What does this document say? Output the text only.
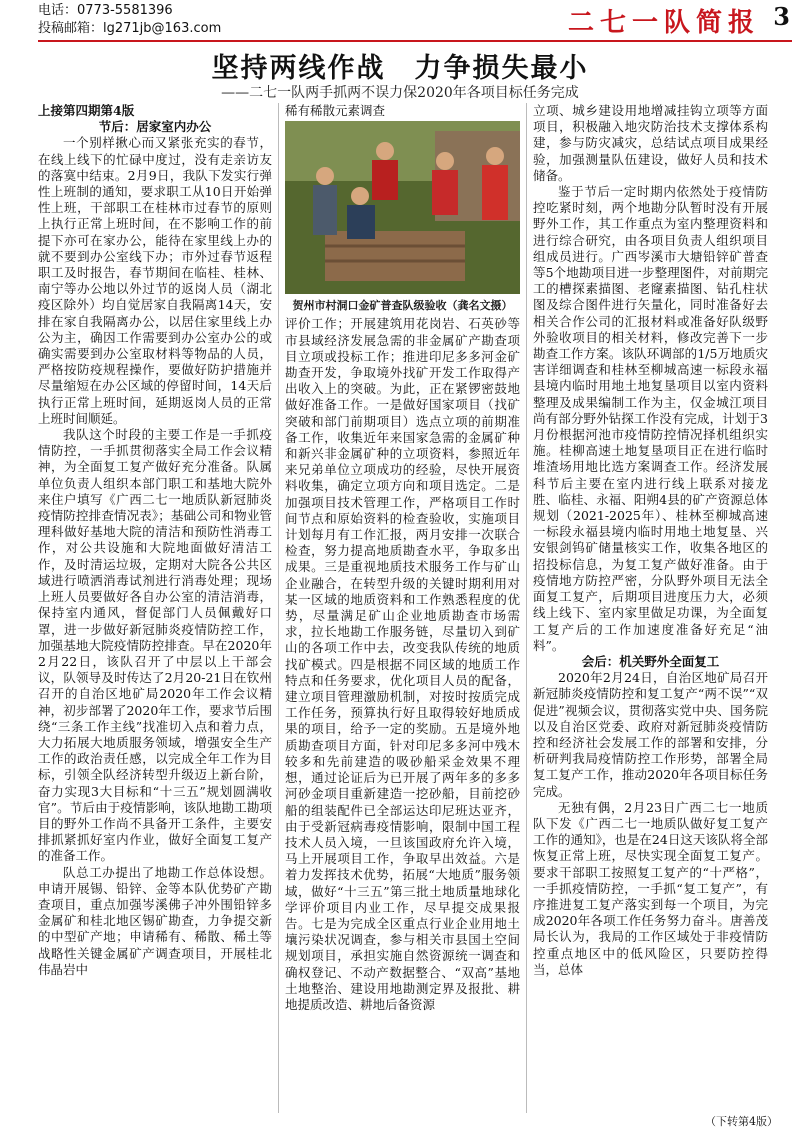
电话：0773-5581396
投稿邮箱：lg271jb@163.com	二七一队简报 3
坚持两线作战　力争损失最小
——二七一队两手抓两不误力保2020年各项目标任务完成
上接第四期第4版
节后：居家室内办公

一个别样揪心而又紧张充实的春节，在线上线下的忙碌中度过，没有走亲访友的落寞中结束。2月9日，我队下发实行弹性上班制的通知，要求职工从10日开始弹性上班，干部职工在桂林市过春节的原则上执行正常上班时间，在不影响工作的前提下亦可在家办公，能待在家里线上办的就不要到办公室线下办；市外过春节返程职工及时报告，春节期间在临桂、桂林、南宁等办公地以外过节的返岗人员（湖北疫区除外）均自觉居家自我隔离14天，安排在家自我隔离办公，以居住家里线上办公为主，确因工作需要到办公室办公的或确实需要到办公室取材料等物品的人员，严格按防疫规程操作，要做好防护措施并尽量缩短在办公区域的停留时间，14天后执行正常上班时间，延期返岗人员的正常上班时间顺延。

我队这个时段的主要工作是一手抓疫情防控，一手抓贯彻落实全局工作会议精神，为全面复工复产做好充分准备。队属单位负责人组织本部门职工和基地大院外来住户填写《广西二七一地质队新冠肺炎疫情防控排查情况表》；基础公司和物业管理科做好基地大院的清洁和预防性消毒工作，对公共设施和大院地面做好清洁工作，及时清运垃圾，定期对大院各公共区域进行喷洒消毒试剂进行消毒处理；现场上班人员要做好各自办公室的清洁消毒，保持室内通风，督促部门人员佩戴好口罩，进一步做好新冠肺炎疫情防控工作，加强基地大院疫情防控排查。早在2020年2月22日，该队召开了中层以上干部会议，队领导及时传达了2月20-21日在钦州召开的自治区地矿局2020年工作会议精神，初步部署了2020年工作，要求节后围绕“三条工作主线”找准切入点和着力点，大力拓展大地质服务领域，增强安全生产工作的政治责任感，以完成全年工作为目标，引领全队经济转型升级迈上新台阶，奋力实现3大目标和“十三五”规划圆满收官”。节后由于疫情影响，该队地勘工勘项目的野外工作尚不具备开工条件，主要安排抓紧抓好室内作业，做好全面复工复产的准备工作。

队总工办提出了地勘工作总体设想。申请开展锡、铅锌、金等本队优势矿产勘查项目，重点加强岑溪佛子冲外围铅锌多金属矿和桂北地区锡矿勘查，力争提交新的中型矿产地；申请稀有、稀散、稀土等战略性关键金属矿产调查项目，开展桂北伟晶岩中

稀有稀散元素调查
贺州市村洞口金矿普查队级验收（龚名文摄）

评价工作；开展建筑用花岗岩、石英砂等市县域经济发展急需的非金属矿产勘查项目立项或投标工作；推进印尼多多河金矿勘查开发，争取境外找矿开发工作取得产出收入上的突破。为此，正在紧锣密鼓地做好准备工作。一是做好国家项目（找矿突破和部门前期项目）选点立项的前期准备工作，收集近年来国家急需的金属矿种和新兴非金属矿种的立项资料，参照近年来兄弟单位立项成功的经验，尽快开展资料收集，确定立项方向和项目选定。二是加强项目技术管理工作，严格项目工作时间节点和原始资料的检查验收，实施项目计划每月有工作汇报，两月安排一次联合检查，努力提高地质勘查水平，争取多出成果。三是重视地质技术服务工作与矿山企业融合，在转型升级的关键时期利用对某一区域的地质资料和工作熟悉程度的优势，尽量满足矿山企业地质勘查市场需求，拉长地勘工作服务链，尽量切入到矿山的各项工作中去，改变我队传统的地质找矿模式。四是根据不同区域的地质工作特点和任务要求，优化项目人员的配备，建立项目管理激励机制，对按时按质完成工作任务，预算执行好且取得较好地质成果的项目，给予一定的奖励。五是境外地质勘查项目方面，针对印尼多多河中残木较多和先前建造的吸砂船采金效果不理想，通过论证后为已开展了两年多的多多河砂金项目重新建造一挖砂船，目前挖砂船的组装配件已全部运达印尼班达亚齐，由于受新冠病毒疫情影响，限制中国工程技术人员入境，一旦该国政府允许入境，马上开展项目工作，争取早出效益。六是着力发挥技术优势，拓展“大地质”服务领域，做好“十三五”第三批土地质量地球化学评价项目内业工作，尽早提交成果报告。七是为完成全区重点行业企业用地土壤污染状况调查，参与相关市县国土空间规划项目，承担实施自然资源统一调查和确权登记、不动产数据整合、“双高”基地土地整治、建设用地勘测定界及报批、耕地提质改造、耕地后备资源

立项、城乡建设用地增减挂钩立项等方面项目，积极融入地灾防治技术支撑体系构建，参与防灾减灾，总结试点项目成果经验，加强测量队伍建设，做好人员和技术储备。

鉴于节后一定时期内依然处于疫情防控吃紧时刻，两个地勘分队暂时没有开展野外工作，其工作重点为室内整理资料和进行综合研究，由各项目负责人组织项目组成员进行。广西岑溪市大塘铅锌矿普查等5个地勘项目进一步整理图件，对前期完工的槽探素描图、老窿素描图、钻孔柱状图及综合图件进行矢量化，同时准备好去相关合作公司的汇报材料或准备好队级野外验收项目的相关材料，修改完善下一步勘查工作方案。该队环调部的1/5万地质灾害详细调查和桂林至柳城高速一标段永福县境内临时用地土地复垦项目以室内资料整理及成果编制工作为主，仅金城江项目尚有部分野外钻探工作没有完成，计划于3月份根据河池市疫情防控情况择机组织实施。桂柳高速土地复垦项目正在进行临时堆渣场用地比选方案调查工作。经济发展科节后主要在室内进行线上联系对接龙胜、临桂、永福、阳朔4县的矿产资源总体规划（2021-2025年）、桂林至柳城高速一标段永福县境内临时用地土地复垦、兴安银剑钨矿储量核实工作，收集各地区的招投标信息，为复工复产做好准备。由于疫情地方防控严密，分队野外项目无法全面复工复产，后期项目进度压力大，必须线上线下、室内家里做足功课，为全面复工复产后的工作加速度准备好充足“油料”。

会后：机关野外全面复工

2020年2月24日，自治区地矿局召开新冠肺炎疫情防控和复工复产“两不误”“双促进”视频会议，贯彻落实党中央、国务院以及自治区党委、政府对新冠肺炎疫情防控和经济社会发展工作的部署和安排，分析研判我局疫情防控工作形势，部署全局复工复产工作，推动2020年各项目标任务完成。

无独有偶，2月23日广西二七一地质队下发《广西二七一地质队做好复工复产工作的通知》，也是在24日这天该队将全部恢复正常上班，尽快实现全面复工复产。要求干部职工按照复工复产的“十严格”，一手抓疫情防控，一手抓“复工复产”，有序推进复工复产落实到每一个项目，为完成2020年各项工作任务努力奋斗。唐善茂局长认为，我局的工作区域处于非疫情防控重点地区中的低风险区，只要防控得当，总体

（下转第4版）
